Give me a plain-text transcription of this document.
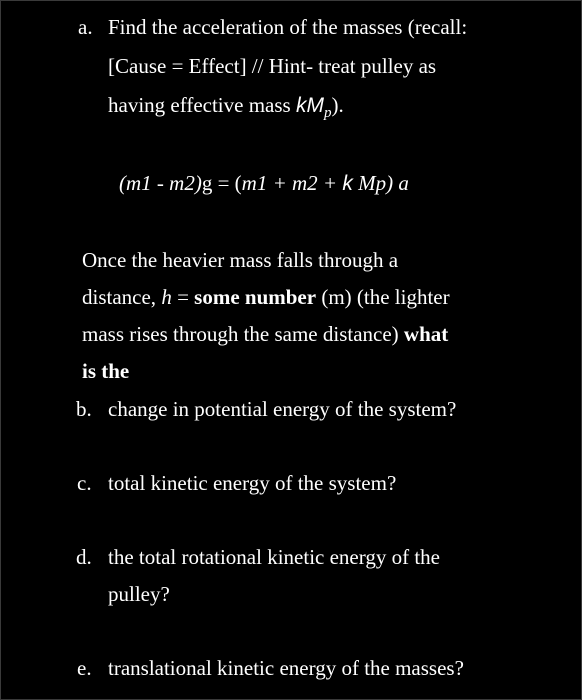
a. Find the acceleration of the masses (recall:
[Cause = Effect] // Hint- treat pulley as
having effective mass $kM_p$).
(m1 - m2)g = (m1 + m2 + k Mp) a
Once the heavier mass falls through a
distance, h = some number (m) (the lighter
mass rises through the same distance) what
is the
b. change in potential energy of the system?
c. total kinetic energy of the system?
d. the total rotational kinetic energy of the
pulley?
e. translational kinetic energy of the masses?
